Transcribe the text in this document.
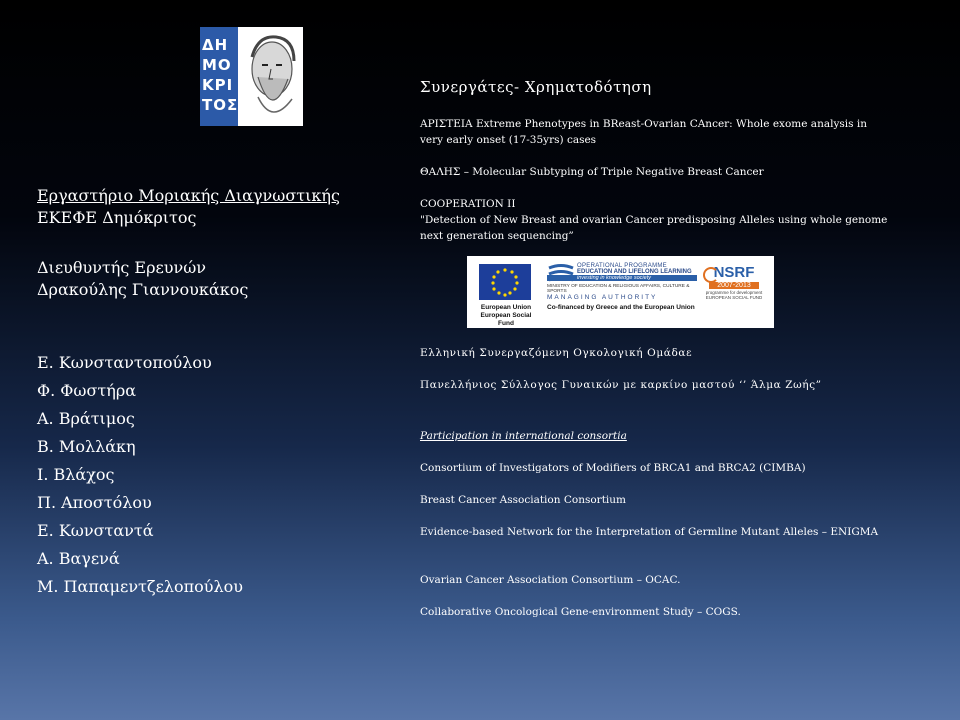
ΔΗ
ΜΟ
ΚΡΙ
ΤΟΣ
Εργαστήριο Μοριακής Διαγνωστικής
ΕΚΕΦΕ Δημόκριτος
Διευθυντής Ερευνών
Δρακούλης Γιαννουκάκος
Ε. Κωνσταντοπούλου
Φ. Φωστήρα
Α. Βράτιμος
Β. Μολλάκη
Ι. Βλάχος
Π. Αποστόλου
Ε. Κωνσταντά
Α. Βαγενά
Μ. Παπαμεντζελοπούλου
Συνεργάτες- Χρηματοδότηση
ΑΡΙΣΤΕΙΑ Extreme Phenotypes in BReast-Ovarian CAncer: Whole exome analysis in very early onset (17-35yrs) cases
ΘΑΛΗΣ – Molecular Subtyping of Triple Negative Breast Cancer
COOPERATION II
"Detection of New Breast and ovarian Cancer predisposing Alleles using whole genome next generation sequencing”
European Union European Social Fund
OPERATIONAL PROGRAMME
EDUCATION AND LIFELONG LEARNING
investing in knowledge society
MINISTRY OF EDUCATION & RELIGIOUS AFFAIRS, CULTURE & SPORTS
MANAGING AUTHORITY
Co-financed by Greece and the European Union
NSRF
2007-2013
programme for development
EUROPEAN SOCIAL FUND
Ελληνική Συνεργαζόμενη Ογκολογική Ομάδαε
Πανελλήνιος Σύλλογος Γυναικών με καρκίνο μαστού ‘’ Άλμα Ζωής”
Participation in international consortia
Consortium of Investigators of Modifiers of BRCA1 and BRCA2 (CIMBA)
Breast Cancer Association Consortium
Evidence-based Network for the Interpretation of Germline Mutant Alleles – ENIGMA
Ovarian Cancer Association Consortium – OCAC.
Collaborative Oncological Gene-environment Study – COGS.
